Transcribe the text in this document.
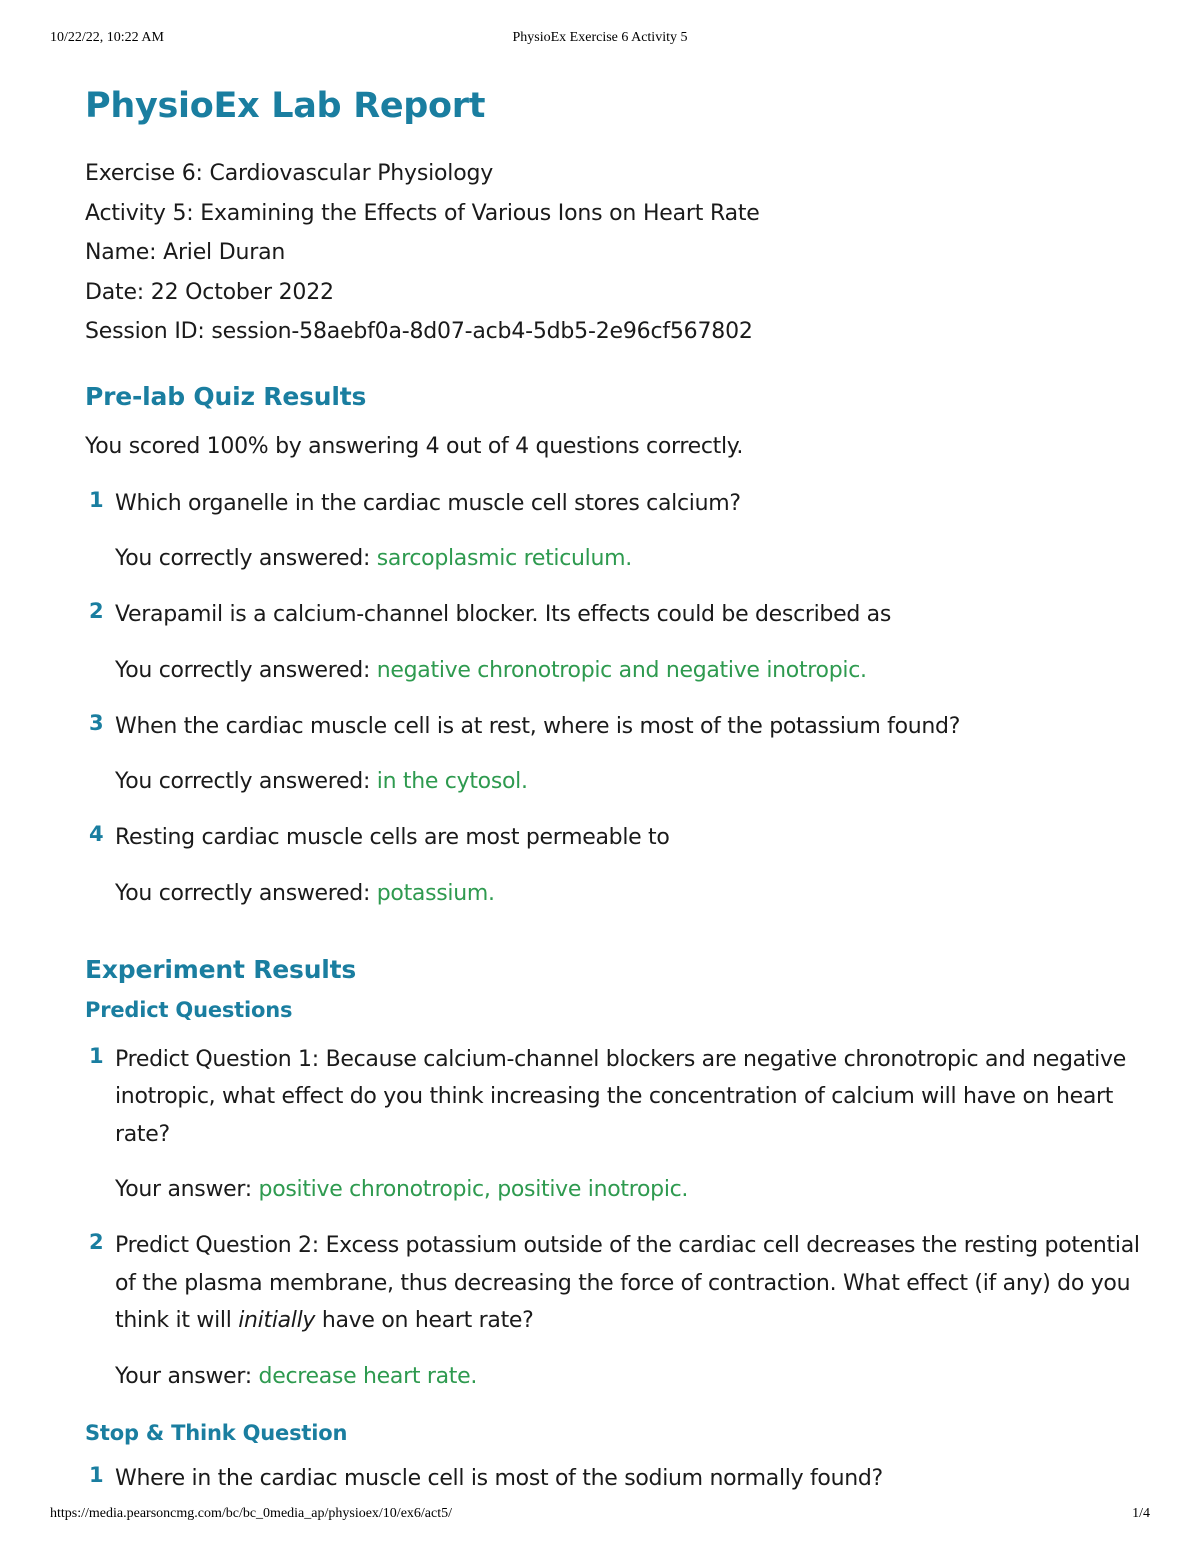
10/22/22, 10:22 AM	PhysioEx Exercise 6 Activity 5
PhysioEx Lab Report
Exercise 6: Cardiovascular Physiology
Activity 5: Examining the Effects of Various Ions on Heart Rate
Name: Ariel Duran
Date: 22 October 2022
Session ID: session-58aebf0a-8d07-acb4-5db5-2e96cf567802
Pre-lab Quiz Results
You scored 100% by answering 4 out of 4 questions correctly.
1 Which organelle in the cardiac muscle cell stores calcium?
You correctly answered: sarcoplasmic reticulum.
2 Verapamil is a calcium-channel blocker. Its effects could be described as
You correctly answered: negative chronotropic and negative inotropic.
3 When the cardiac muscle cell is at rest, where is most of the potassium found?
You correctly answered: in the cytosol.
4 Resting cardiac muscle cells are most permeable to
You correctly answered: potassium.
Experiment Results
Predict Questions
1 Predict Question 1: Because calcium-channel blockers are negative chronotropic and negative inotropic, what effect do you think increasing the concentration of calcium will have on heart rate?
Your answer: positive chronotropic, positive inotropic.
2 Predict Question 2: Excess potassium outside of the cardiac cell decreases the resting potential of the plasma membrane, thus decreasing the force of contraction. What effect (if any) do you think it will initially have on heart rate?
Your answer: decrease heart rate.
Stop & Think Question
1 Where in the cardiac muscle cell is most of the sodium normally found?
https://media.pearsoncmg.com/bc/bc_0media_ap/physioex/10/ex6/act5/	1/4
